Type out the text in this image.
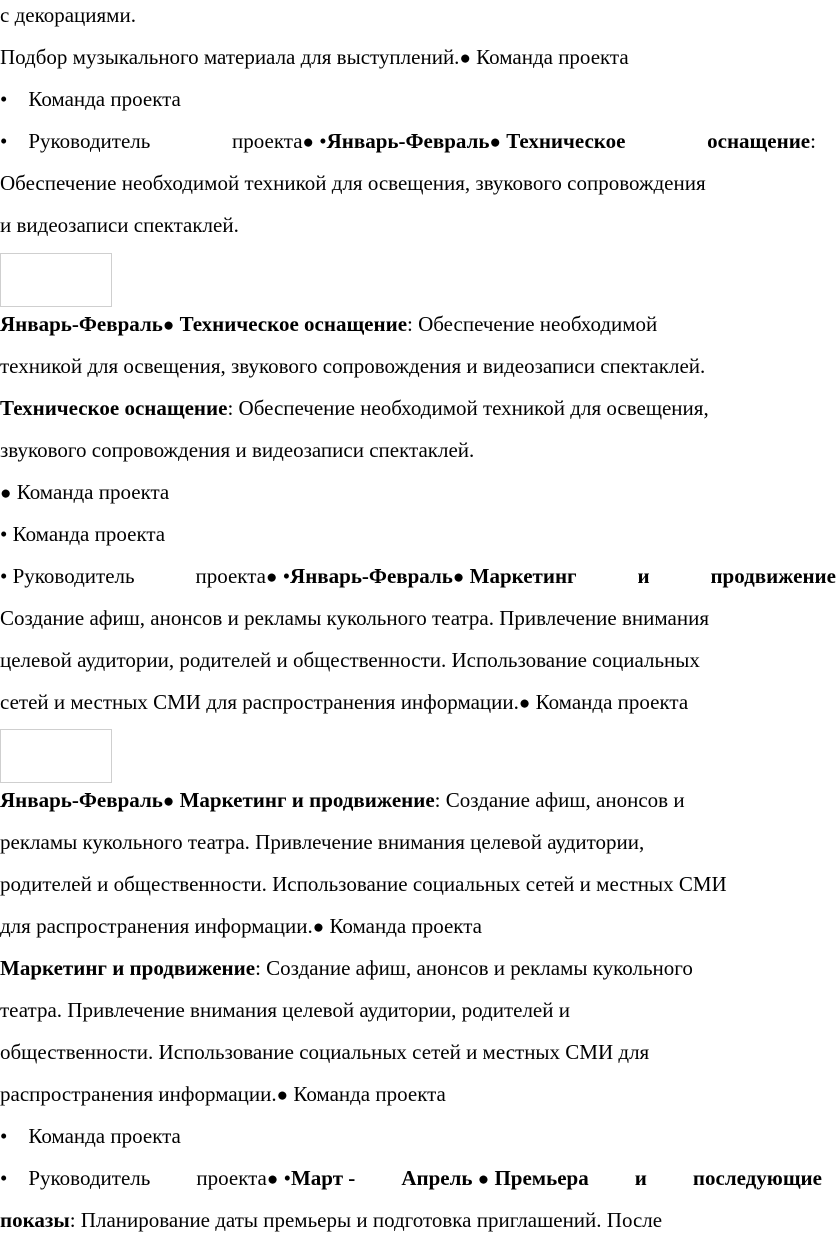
с декорациями.
Подбор музыкального материала для выступлений.● Команда проекта
• Команда проекта
• Руководитель	проекта● •Январь-Февраль● Техническое	оснащение:
Обеспечение необходимой техникой для освещения, звукового сопровождения
и видеозаписи спектаклей.
Январь-Февраль● Техническое оснащение: Обеспечение необходимой
техникой для освещения, звукового сопровождения и видеозаписи спектаклей.
Техническое оснащение: Обеспечение необходимой техникой для освещения,
звукового сопровождения и видеозаписи спектаклей.
● Команда проекта
• Команда проекта
• Руководитель	проекта● •Январь-Февраль● Маркетинг	и	продвижение
Создание афиш, анонсов и рекламы кукольного театра. Привлечение внимания
целевой аудитории, родителей и общественности. Использование социальных
сетей и местных СМИ для распространения информации.● Команда проекта
Январь-Февраль● Маркетинг и продвижение: Создание афиш, анонсов и
рекламы кукольного театра. Привлечение внимания целевой аудитории,
родителей и общественности. Использование социальных сетей и местных СМИ
для распространения информации.● Команда проекта
Маркетинг и продвижение: Создание афиш, анонсов и рекламы кукольного
театра. Привлечение внимания целевой аудитории, родителей и
общественности. Использование социальных сетей и местных СМИ для
распространения информации.● Команда проекта
• Команда проекта
• Руководитель проекта● •Март - Апрель ● Премьера и последующие
показы: Планирование даты премьеры и подготовка приглашений. После
